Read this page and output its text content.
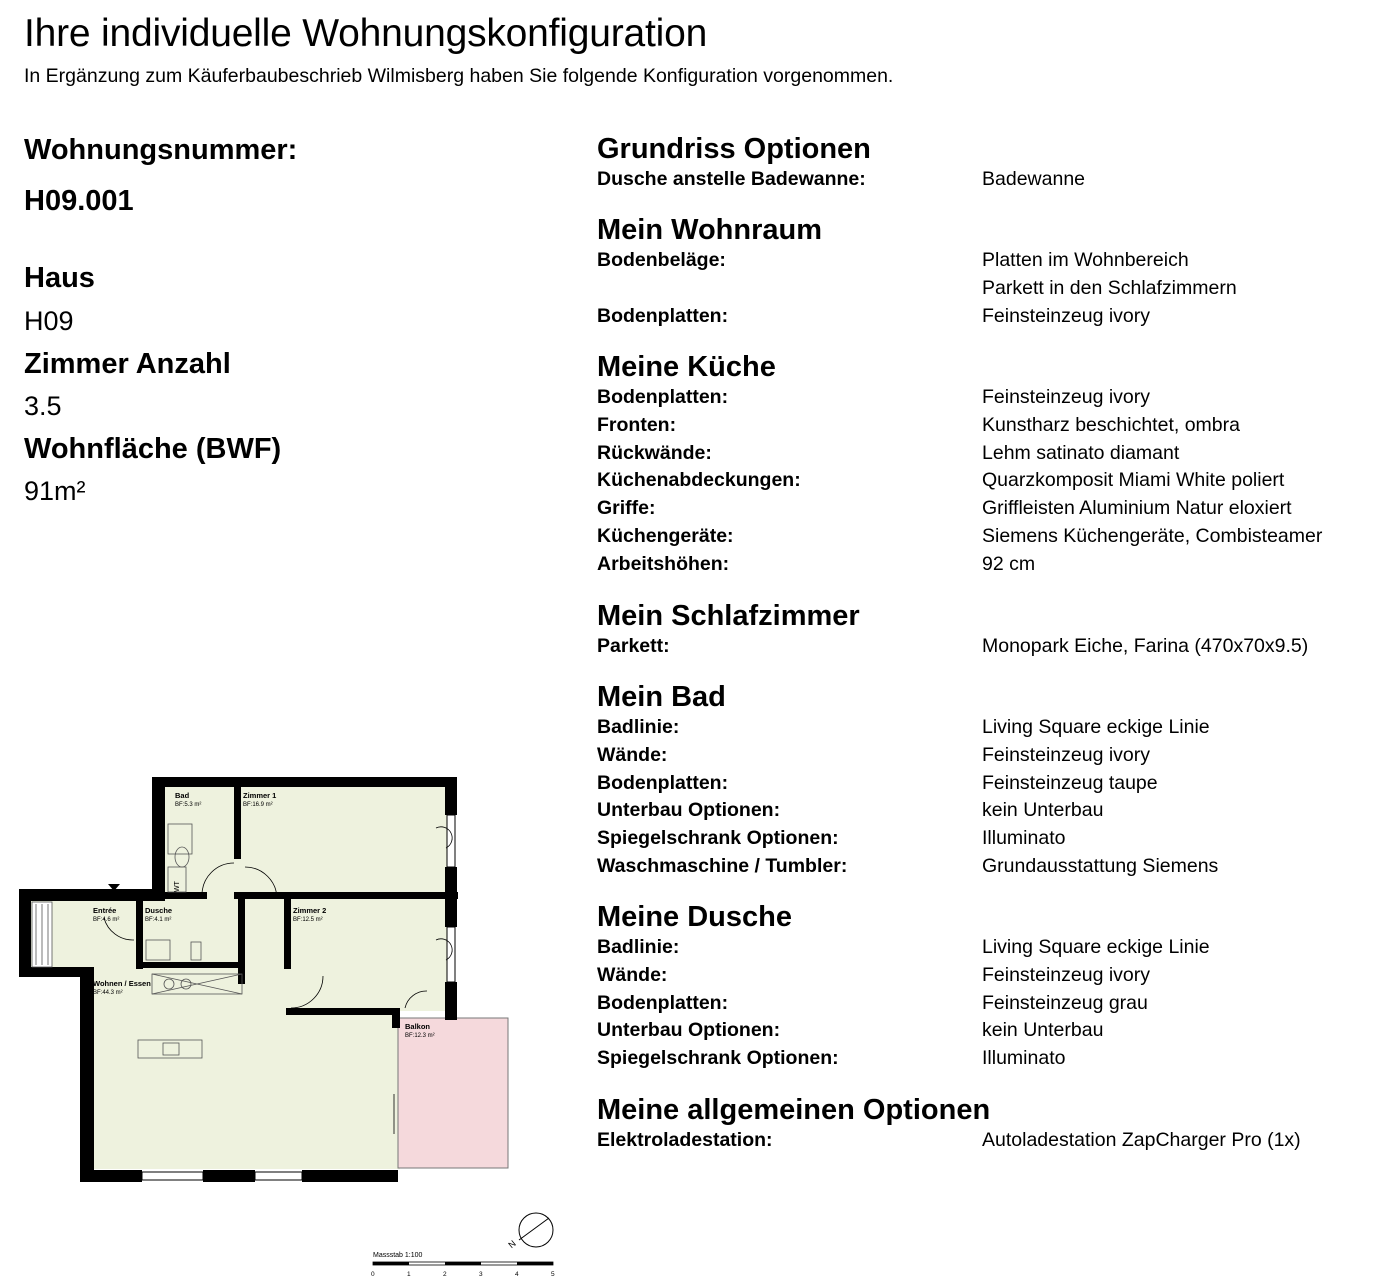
Ihre individuelle Wohnungskonfiguration
In Ergänzung zum Käuferbaubeschrieb Wilmisberg haben Sie folgende Konfiguration vorgenommen.
Wohnungsnummer:
H09.001
Haus
H09
Zimmer Anzahl
3.5
Wohnfläche (BWF)
91m²
Grundriss Optionen
Dusche anstelle Badewanne:	Badewanne
Mein Wohnraum
Bodenbeläge:	Platten im Wohnbereich
Parkett in den Schlafzimmern
Bodenplatten:	Feinsteinzeug ivory
Meine Küche
Bodenplatten:	Feinsteinzeug ivory
Fronten:	Kunstharz beschichtet, ombra
Rückwände:	Lehm satinato diamant
Küchenabdeckungen:	Quarzkomposit Miami White poliert
Griffe:	Griffleisten Aluminium Natur eloxiert
Küchengeräte:	Siemens Küchengeräte, Combisteamer
Arbeitshöhen:	92 cm
Mein Schlafzimmer
Parkett:	Monopark Eiche, Farina (470x70x9.5)
Mein Bad
Badlinie:	Living Square eckige Linie
Wände:	Feinsteinzeug ivory
Bodenplatten:	Feinsteinzeug taupe
Unterbau Optionen:	kein Unterbau
Spiegelschrank Optionen:	Illuminato
Waschmaschine / Tumbler:	Grundausstattung Siemens
Meine Dusche
Badlinie:	Living Square eckige Linie
Wände:	Feinsteinzeug ivory
Bodenplatten:	Feinsteinzeug grau
Unterbau Optionen:	kein Unterbau
Spiegelschrank Optionen:	Illuminato
Meine allgemeinen Optionen
Elektroladestation:	Autoladestation ZapCharger Pro (1x)
Bad
BF:5.3 m²
Zimmer 1
BF:16.9 m²
Entrée
BF:4.6 m²
Dusche
BF:4.1 m²
Zimmer 2
BF:12.5 m²
Wohnen / Essen
BF:44.3 m²
Balkon
BF:12.3 m²
WT
N
Massstab 1:100
0	1	2	3	4	5
